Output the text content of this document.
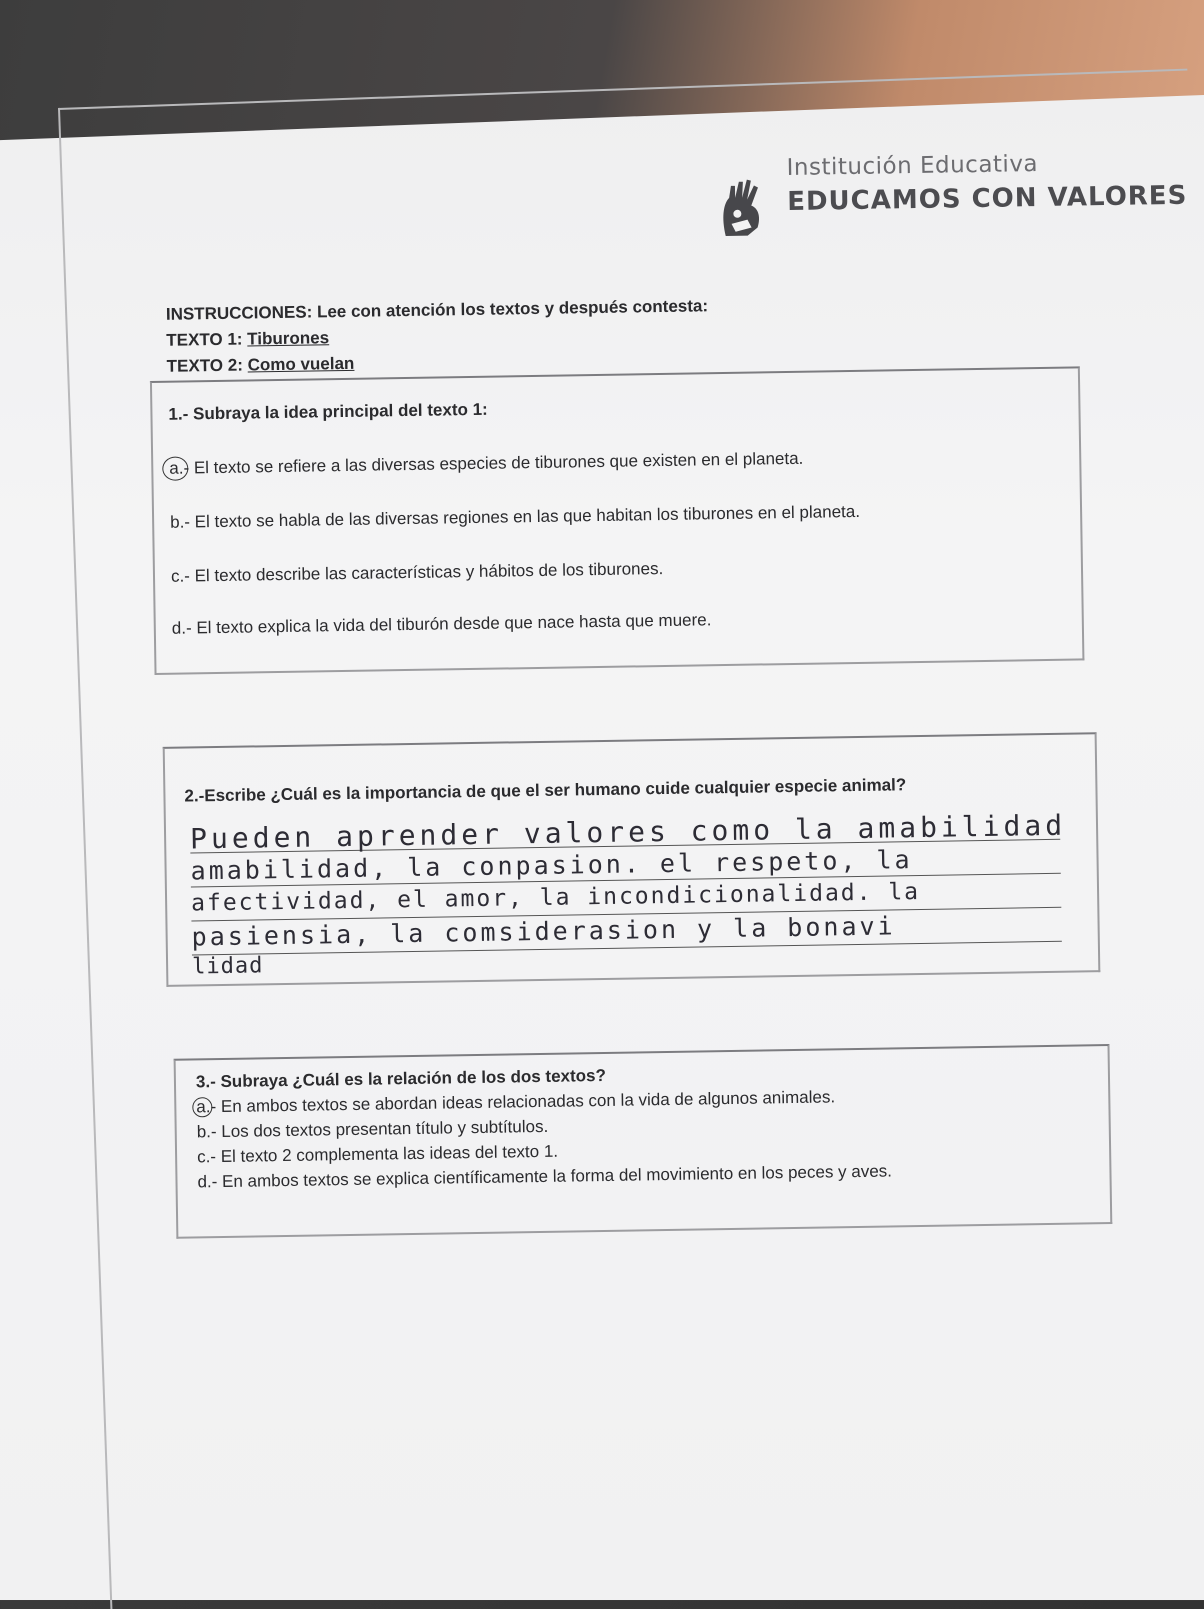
Institución Educativa
EDUCAMOS CON VALORES
INSTRUCCIONES: Lee con atención los textos y después contesta:
TEXTO 1: Tiburones
TEXTO 2: Como vuelan
1.- Subraya la idea principal del texto 1:
a.- El texto se refiere a las diversas especies de tiburones que existen en el planeta.
b.- El texto se habla de las diversas regiones en las que habitan los tiburones en el planeta.
c.- El texto describe las características y hábitos de los tiburones.
d.- El texto explica la vida del tiburón desde que nace hasta que muere.
2.-Escribe ¿Cuál es la importancia de que el ser humano cuide cualquier especie animal?
Pueden aprender valores como la amabilidad
amabilidad, la conpasion. el respeto, la
afectividad, el amor, la incondicionalidad. la
pasiensia, la comsiderasion y la bonavi
lidad
3.- Subraya ¿Cuál es la relación de los dos textos?
a.- En ambos textos se abordan ideas relacionadas con la vida de algunos animales.
b.- Los dos textos presentan título y subtítulos.
c.- El texto 2 complementa las ideas del texto 1.
d.- En ambos textos se explica científicamente la forma del movimiento en los peces y aves.
